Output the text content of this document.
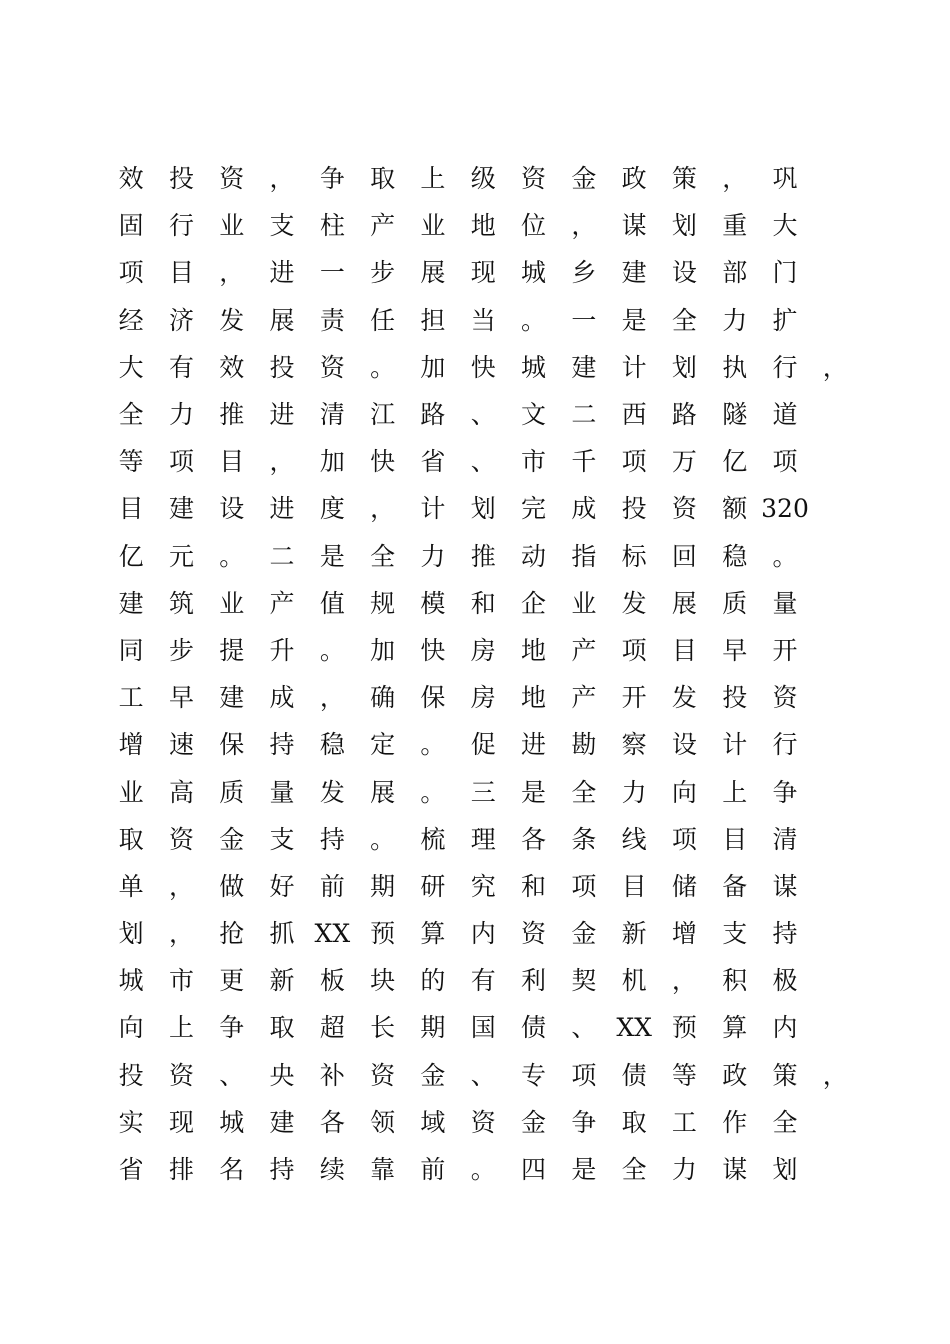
效	投	资	，	争	取	上	级	资	金	政	策	，	巩
固	行	业	支	柱	产	业	地	位	，	谋	划	重	大
项	目	，	进	一	步	展	现	城	乡	建	设	部	门
经	济	发	展	责	任	担	当	。	一	是	全	力	扩
大	有	效	投	资	。	加	快	城	建	计	划	执	行	，
全	力	推	进	清	江	路	、	文	二	西	路	隧	道
等	项	目	，	加	快	省	、	市	千	项	万	亿	项
目	建	设	进	度	，	计	划	完	成	投	资	额 320
亿	元	。	二	是	全	力	推	动	指	标	回	稳	。
建	筑	业	产	值	规	模	和	企	业	发	展	质	量
同	步	提	升	。	加	快	房	地	产	项	目	早	开
工	早	建	成	，	确	保	房	地	产	开	发	投	资
增	速	保	持	稳	定	。	促	进	勘	察	设	计	行
业	高	质	量	发	展	。	三	是	全	力	向	上	争
取	资	金	支	持	。	梳	理	各	条	线	项	目	清
单	，	做	好	前	期	研	究	和	项	目	储	备	谋
划	，	抢	抓 XX 预	算	内	资	金	新	增	支	持
城	市	更	新	板	块	的	有	利	契	机	，	积	极
向	上	争	取	超	长	期	国	债	、 XX 预	算	内
投	资	、	央	补	资	金	、	专	项	债	等	政	策	，
实	现	城	建	各	领	域	资	金	争	取	工	作	全
省	排	名	持	续	靠	前	。	四	是	全	力	谋	划
